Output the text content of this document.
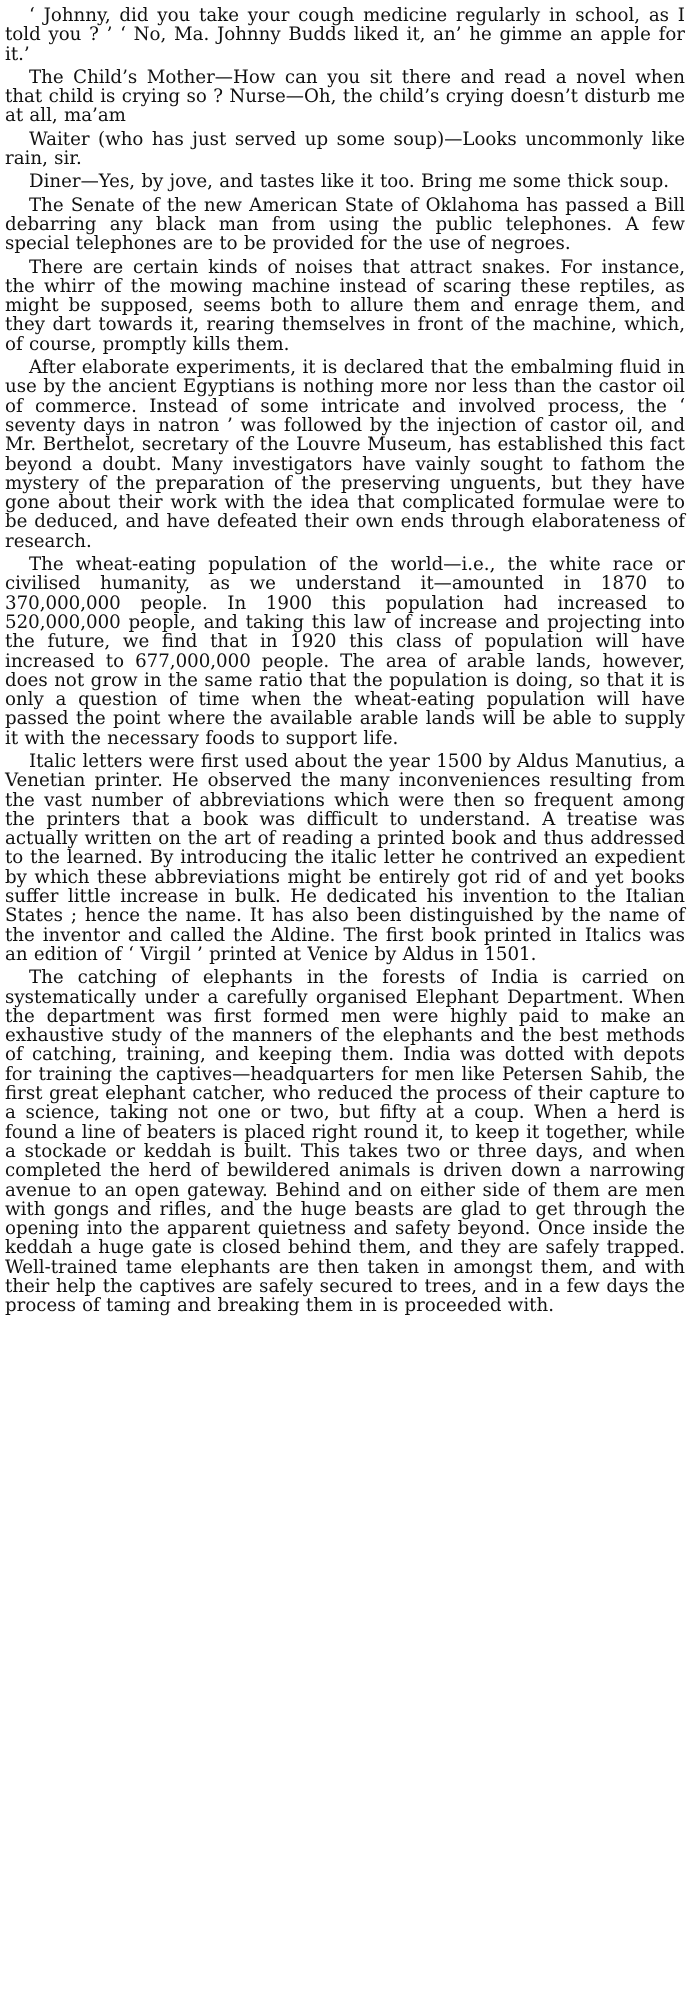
‘ Johnny, did you take your cough medicine regularly in school, as I told you ? ’ ‘ No, Ma. Johnny Budds liked it, an’ he gimme an apple for it.’

The Child’s Mother—How can you sit there and read a novel when that child is crying so ? Nurse—Oh, the child’s crying doesn’t disturb me at all, ma’am

Waiter (who has just served up some soup)—Looks uncommonly like rain, sir.

Diner—Yes, by jove, and tastes like it too. Bring me some thick soup.

The Senate of the new American State of Oklahoma has passed a Bill debarring any black man from using the public telephones. A few special telephones are to be provided for the use of negroes.

There are certain kinds of noises that attract snakes. For instance, the whirr of the mowing machine instead of scaring these reptiles, as might be supposed, seems both to allure them and enrage them, and they dart towards it, rearing themselves in front of the machine, which, of course, promptly kills them.

After elaborate experiments, it is declared that the embalming fluid in use by the ancient Egyptians is nothing more nor less than the castor oil of commerce. Instead of some intricate and involved process, the ‘ seventy days in natron ’ was followed by the injection of castor oil, and Mr. Berthelot, secretary of the Louvre Museum, has established this fact beyond a doubt. Many investigators have vainly sought to fathom the mystery of the preparation of the preserving unguents, but they have gone about their work with the idea that complicated formulae were to be deduced, and have defeated their own ends through elaborateness of research.

The wheat-eating population of the world—i.e., the white race or civilised humanity, as we understand it—amounted in 1870 to 370,000,000 people. In 1900 this population had increased to 520,000,000 people, and taking this law of increase and projecting into the future, we find that in 1920 this class of population will have increased to 677,000,000 people. The area of arable lands, however, does not grow in the same ratio that the population is doing, so that it is only a question of time when the wheat-eating population will have passed the point where the available arable lands will be able to supply it with the necessary foods to support life.

Italic letters were first used about the year 1500 by Aldus Manutius, a Venetian printer. He observed the many inconveniences resulting from the vast number of abbreviations which were then so frequent among the printers that a book was difficult to understand. A treatise was actually written on the art of reading a printed book and thus addressed to the learned. By introducing the italic letter he contrived an expedient by which these abbreviations might be entirely got rid of and yet books suffer little increase in bulk. He dedicated his invention to the Italian States ; hence the name. It has also been distinguished by the name of the inventor and called the Aldine. The first book printed in Italics was an edition of ‘ Virgil ’ printed at Venice by Aldus in 1501.

The catching of elephants in the forests of India is carried on systematically under a carefully organised Elephant Department. When the department was first formed men were highly paid to make an exhaustive study of the manners of the elephants and the best methods of catching, training, and keeping them. India was dotted with depots for training the captives—headquarters for men like Petersen Sahib, the first great elephant catcher, who reduced the process of their capture to a science, taking not one or two, but fifty at a coup. When a herd is found a line of beaters is placed right round it, to keep it together, while a stockade or keddah is built. This takes two or three days, and when completed the herd of bewildered animals is driven down a narrowing avenue to an open gateway. Behind and on either side of them are men with gongs and rifles, and the huge beasts are glad to get through the opening into the apparent quietness and safety beyond. Once inside the keddah a huge gate is closed behind them, and they are safely trapped. Well-trained tame elephants are then taken in amongst them, and with their help the captives are safely secured to trees, and in a few days the process of taming and breaking them in is proceeded with.
